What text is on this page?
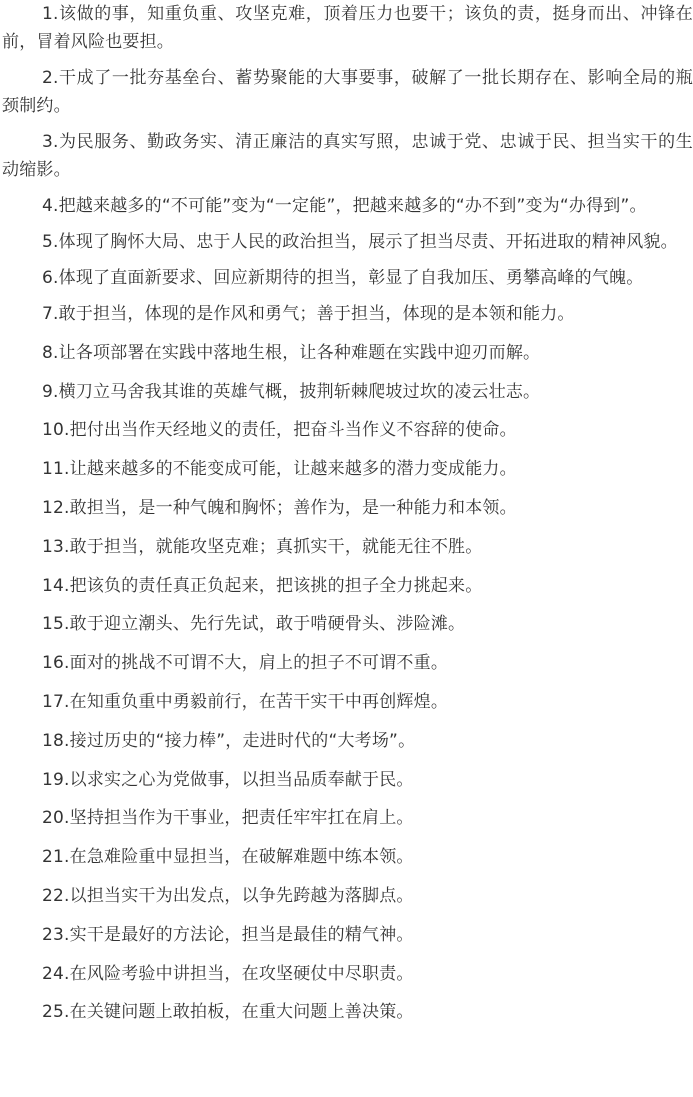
1.该做的事，知重负重、攻坚克难，顶着压力也要干；该负的责，挺身而出、冲锋在前，冒着风险也要担。

2.干成了一批夯基垒台、蓄势聚能的大事要事，破解了一批长期存在、影响全局的瓶颈制约。

3.为民服务、勤政务实、清正廉洁的真实写照，忠诚于党、忠诚于民、担当实干的生动缩影。

4.把越来越多的“不可能”变为“一定能”，把越来越多的“办不到”变为“办得到”。

5.体现了胸怀大局、忠于人民的政治担当，展示了担当尽责、开拓进取的精神风貌。

6.体现了直面新要求、回应新期待的担当，彰显了自我加压、勇攀高峰的气魄。

7.敢于担当，体现的是作风和勇气；善于担当，体现的是本领和能力。

8.让各项部署在实践中落地生根，让各种难题在实践中迎刃而解。

9.横刀立马舍我其谁的英雄气概，披荆斩棘爬坡过坎的凌云壮志。

10.把付出当作天经地义的责任，把奋斗当作义不容辞的使命。

11.让越来越多的不能变成可能，让越来越多的潜力变成能力。

12.敢担当，是一种气魄和胸怀；善作为，是一种能力和本领。

13.敢于担当，就能攻坚克难；真抓实干，就能无往不胜。

14.把该负的责任真正负起来，把该挑的担子全力挑起来。

15.敢于迎立潮头、先行先试，敢于啃硬骨头、涉险滩。

16.面对的挑战不可谓不大，肩上的担子不可谓不重。

17.在知重负重中勇毅前行，在苦干实干中再创辉煌。

18.接过历史的“接力棒”，走进时代的“大考场”。

19.以求实之心为党做事，以担当品质奉献于民。

20.坚持担当作为干事业，把责任牢牢扛在肩上。

21.在急难险重中显担当，在破解难题中练本领。

22.以担当实干为出发点，以争先跨越为落脚点。

23.实干是最好的方法论，担当是最佳的精气神。

24.在风险考验中讲担当，在攻坚硬仗中尽职责。

25.在关键问题上敢拍板，在重大问题上善决策。
